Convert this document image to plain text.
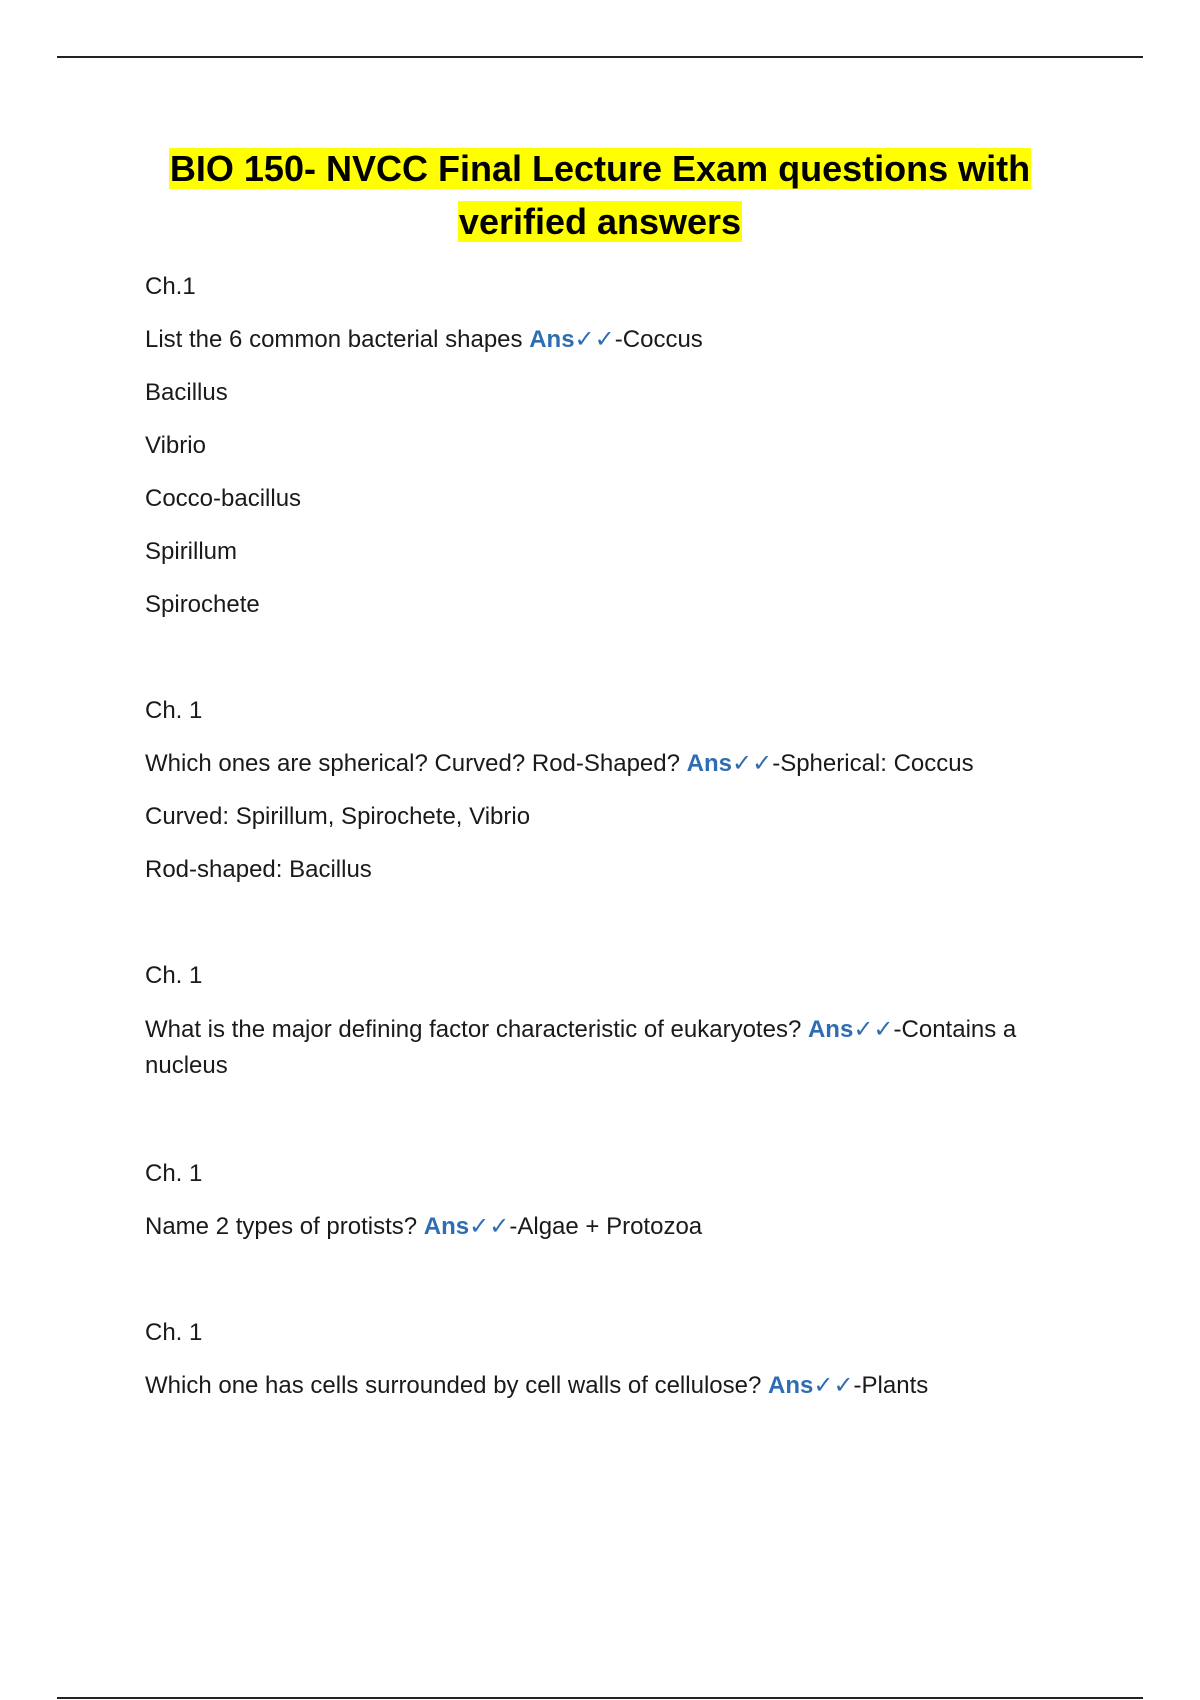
BIO 150- NVCC Final Lecture Exam questions with
verified answers
Ch.1
List the 6 common bacterial shapes Ans✓✓-Coccus
Bacillus
Vibrio
Cocco-bacillus
Spirillum
Spirochete
Ch. 1
Which ones are spherical? Curved? Rod-Shaped? Ans✓✓-Spherical: Coccus
Curved: Spirillum, Spirochete, Vibrio
Rod-shaped: Bacillus
Ch. 1
What is the major defining factor characteristic of eukaryotes? Ans✓✓-Contains a nucleus
Ch. 1
Name 2 types of protists? Ans✓✓-Algae + Protozoa
Ch. 1
Which one has cells surrounded by cell walls of cellulose? Ans✓✓-Plants
